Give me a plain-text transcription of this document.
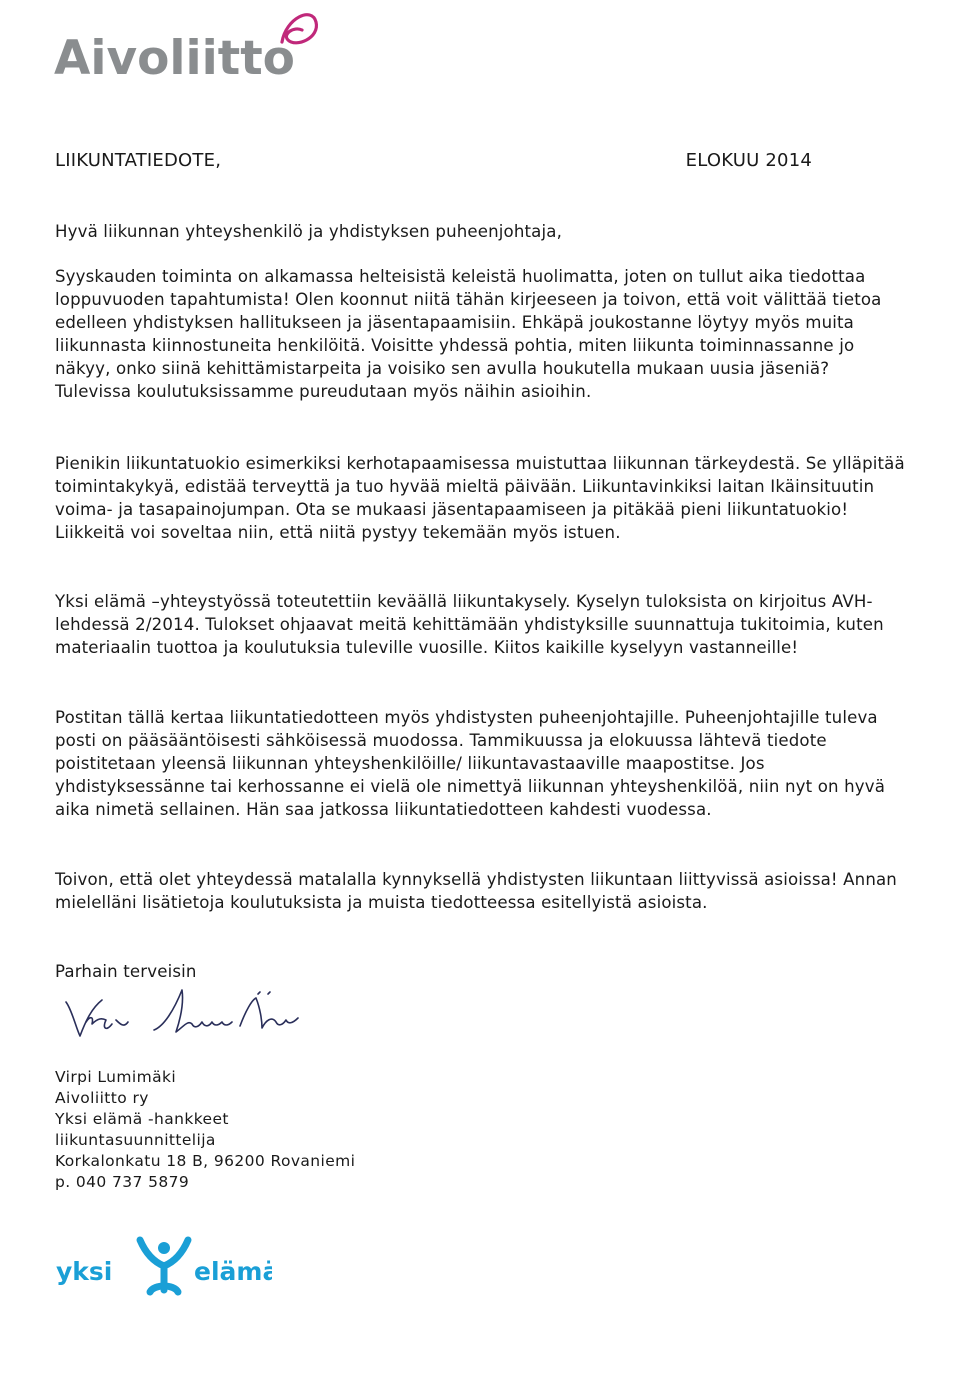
Aivoliitto
LIIKUNTATIEDOTE,	ELOKUU 2014

Hyvä liikunnan yhteyshenkilö ja yhdistyksen puheenjohtaja,

Syyskauden toiminta on alkamassa helteisistä keleistä huolimatta, joten on tullut aika tiedottaa loppuvuoden tapahtumista! Olen koonnut niitä tähän kirjeeseen ja toivon, että voit välittää tietoa edelleen yhdistyksen hallitukseen ja jäsentapaamisiin. Ehkäpä joukostanne löytyy myös muita liikunnasta kiinnostuneita henkilöitä. Voisitte yhdessä pohtia, miten liikunta toiminnassanne jo näkyy, onko siinä kehittämistarpeita ja voisiko sen avulla houkutella mukaan uusia jäseniä? Tulevissa koulutuksissamme pureudutaan myös näihin asioihin.

Pienikin liikuntatuokio esimerkiksi kerhotapaamisessa muistuttaa liikunnan tärkeydestä. Se ylläpitää toimintakykyä, edistää terveyttä ja tuo hyvää mieltä päivään. Liikuntavinkiksi laitan Ikäinsituutin voima- ja tasapainojumpan. Ota se mukaasi jäsentapaamiseen ja pitäkää pieni liikuntatuokio! Liikkeitä voi soveltaa niin, että niitä pystyy tekemään myös istuen.

Yksi elämä –yhteystyössä toteutettiin keväällä liikuntakysely. Kyselyn tuloksista on kirjoitus AVH-lehdessä 2/2014. Tulokset ohjaavat meitä kehittämään yhdistyksille suunnattuja tukitoimia, kuten materiaalin tuottoa ja koulutuksia tuleville vuosille. Kiitos kaikille kyselyyn vastanneille!

Postitan tällä kertaa liikuntatiedotteen myös yhdistysten puheenjohtajille. Puheenjohtajille tuleva posti on pääsääntöisesti sähköisessä muodossa. Tammikuussa ja elokuussa lähtevä tiedote poistitetaan yleensä liikunnan yhteyshenkilöille/ liikuntavastaaville maapostitse. Jos yhdistyksessänne tai kerhossanne ei vielä ole nimettyä liikunnan yhteyshenkilöä, niin nyt on hyvä aika nimetä sellainen. Hän saa jatkossa liikuntatiedotteen kahdesti vuodessa.

Toivon, että olet yhteydessä matalalla kynnyksellä yhdistysten liikuntaan liittyvissä asioissa! Annan mielelläni lisätietoja koulutuksista ja muista tiedotteessa esitellyistä asioista.

Parhain terveisin

Virpi Lumimäki
Aivoliitto ry
Yksi elämä -hankkeet
liikuntasuunnittelija
Korkalonkatu 18 B, 96200 Rovaniemi
p. 040 737 5879
yksi	elämä
